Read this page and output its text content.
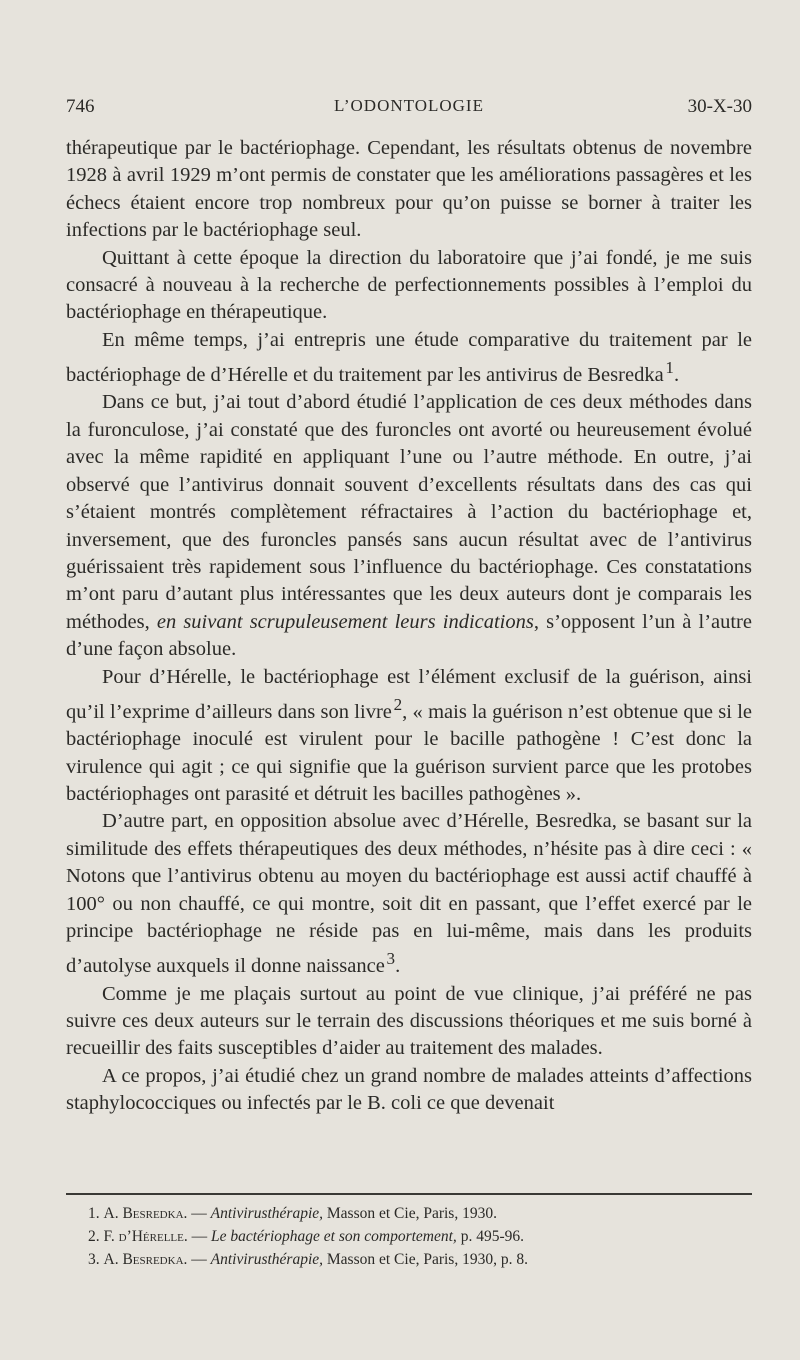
746	L’ODONTOLOGIE	30-X-30

thérapeutique par le bactériophage. Cependant, les résultats obtenus de novembre 1928 à avril 1929 m’ont permis de constater que les améliorations passagères et les échecs étaient encore trop nombreux pour qu’on puisse se borner à traiter les infections par le bactériophage seul.

Quittant à cette époque la direction du laboratoire que j’ai fondé, je me suis consacré à nouveau à la recherche de perfectionnements possibles à l’emploi du bactériophage en thérapeutique.

En même temps, j’ai entrepris une étude comparative du traitement par le bactériophage de d’Hérelle et du traitement par les antivirus de Besredka  $^1$.

Dans ce but, j’ai tout d’abord étudié l’application de ces deux méthodes dans la furonculose, j’ai constaté que des furoncles ont avorté ou heureusement évolué avec la même rapidité en appliquant l’une ou l’autre méthode. En outre, j’ai observé que l’antivirus donnait souvent d’excellents résultats dans des cas qui s’étaient montrés complètement réfractaires à l’action du bactériophage et, inversement, que des furoncles pansés sans aucun résultat avec de l’antivirus guérissaient très rapidement sous l’influence du bactériophage. Ces constatations m’ont paru d’autant plus intéressantes que les deux auteurs dont je comparais les méthodes, en suivant scrupuleusement leurs indications, s’opposent l’un à l’autre d’une façon absolue.

Pour d’Hérelle, le bactériophage est l’élément exclusif de la guérison, ainsi qu’il l’exprime d’ailleurs dans son livre  $^2$, « mais la guérison n’est obtenue que si le bactériophage inoculé est virulent pour le bacille pathogène ! C’est donc la virulence qui agit ; ce qui signifie que la guérison survient parce que les protobes bactériophages ont parasité et détruit les bacilles pathogènes ».

D’autre part, en opposition absolue avec d’Hérelle, Besredka, se basant sur la similitude des effets thérapeutiques des deux méthodes, n’hésite pas à dire ceci : « Notons que l’antivirus obtenu au moyen du bactériophage est aussi actif chauffé à 100° ou non chauffé, ce qui montre, soit dit en passant, que l’effet exercé par le principe bactériophage ne réside pas en lui-même, mais dans les produits d’autolyse auxquels il donne naissance  $^3$.

Comme je me plaçais surtout au point de vue clinique, j’ai préféré ne pas suivre ces deux auteurs sur le terrain des discussions théoriques et me suis borné à recueillir des faits susceptibles d’aider au traitement des malades.

A ce propos, j’ai étudié chez un grand nombre de malades atteints d’affections staphylococciques ou infectés par le B. coli ce que devenait

1. A. Besredka. — Antivirusthérapie, Masson et Cie, Paris, 1930.
2. F. d’Hérelle. — Le bactériophage et son comportement, p. 495-96.
3. A. Besredka. — Antivirusthérapie, Masson et Cie, Paris, 1930, p. 8.
